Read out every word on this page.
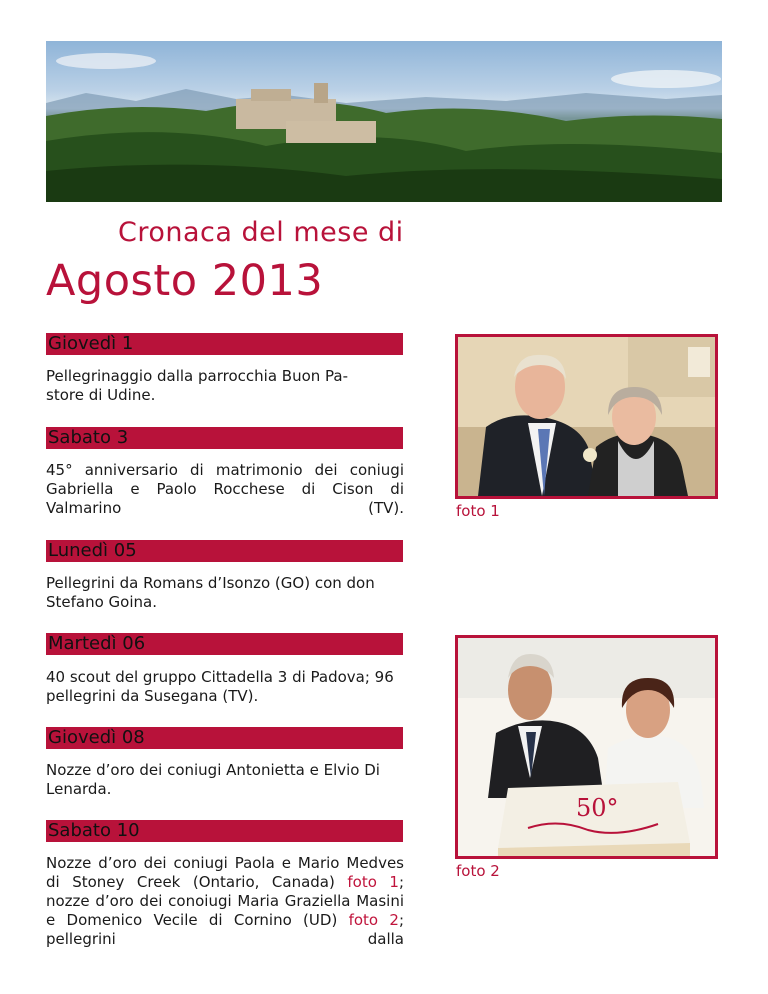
Cronaca del mese di
Agosto 2013
Giovedì 1
Pellegrinaggio dalla parrocchia Buon Pa-
store di Udine.
Sabato 3
45° anniversario di matrimonio dei coniugi Gabriella e Paolo Rocchese di Cison di Valmarino (TV).
Lunedì 05
Pellegrini da Romans d’Isonzo (GO) con don Stefano Goina.
Martedì 06
40 scout del gruppo Cittadella 3 di Padova; 96 pellegrini da Susegana (TV).
Giovedì 08
Nozze d’oro dei coniugi Antonietta e Elvio Di Lenarda.
Sabato 10
Nozze d’oro dei coniugi Paola e Mario Medves di Stoney Creek (Ontario, Canada) foto 1; nozze d’oro dei conoiugi Maria Graziella Masini e Domenico Vecile di Cornino (UD) foto 2; pellegrini dalla
foto 1
50°
foto 2
